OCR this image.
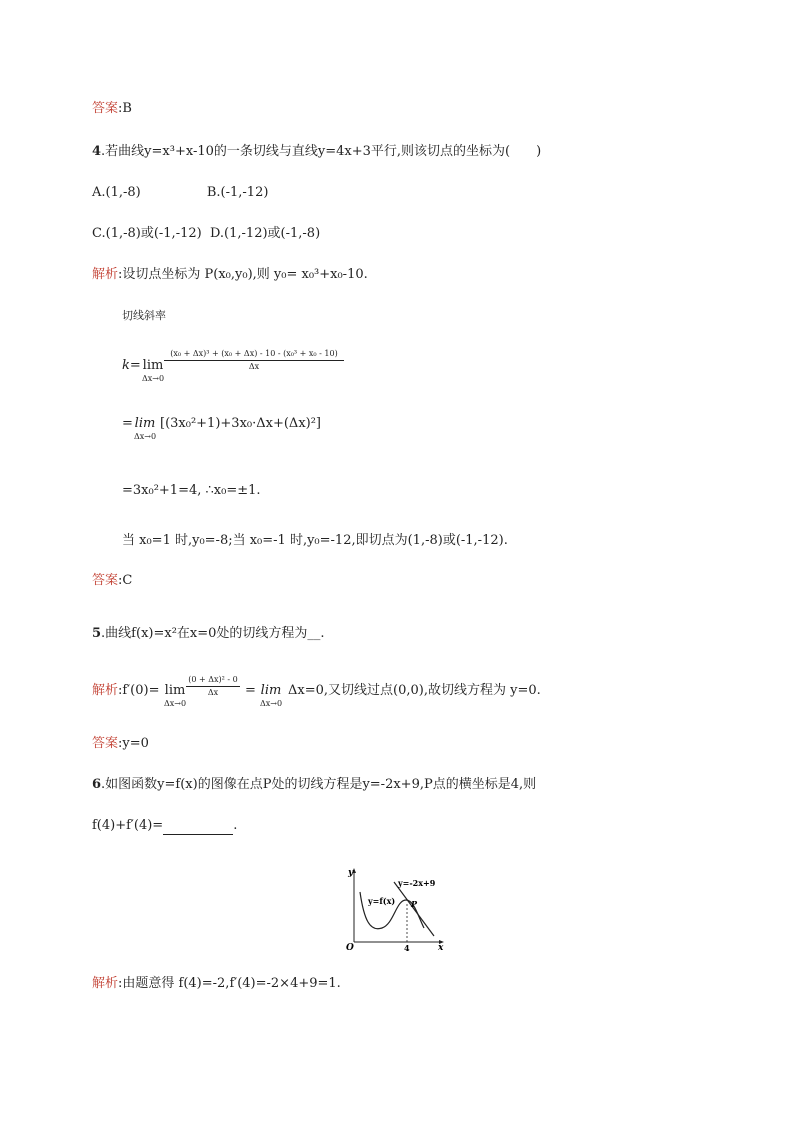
答案:B
4.若曲线y=x³+x-10的一条切线与直线y=4x+3平行,则该切点的坐标为(　　)
A.(1,-8)                B.(-1,-12)
C.(1,-8)或(-1,-12)  D.(1,-12)或(-1,-8)
解析:设切点坐标为 P(x₀,y₀),则 y₀= x₀³+x₀-10.
切线斜率
k= lim
Δx→0
(x₀ + Δx)³ + (x₀ + Δx) - 10 - (x₀³ + x₀ - 10)
Δx
= lim
Δx→0
[(3x₀²+1)+3x₀·Δx+(Δx)²]
=3x₀²+1=4, ∴x₀=±1.
当 x₀=1 时,y₀=-8;当 x₀=-1 时,y₀=-12,即切点为(1,-8)或(-1,-12).
答案:C
5.曲线f(x)=x²在x=0处的切线方程为__.
解析:f′(0)= lim
Δx→0
(0 + Δx)² - 0
Δx	= lim
Δx→0
Δx=0,又切线过点(0,0),故切线方程为 y=0.
答案:y=0
6.如图函数y=f(x)的图像在点P处的切线方程是y=-2x+9,P点的横坐标是4,则
f(4)+f′(4)=	.
y
x
O
y=-2x+9
y=f(x) P
4
解析:由题意得 f(4)=-2,f′(4)=-2×4+9=1.
